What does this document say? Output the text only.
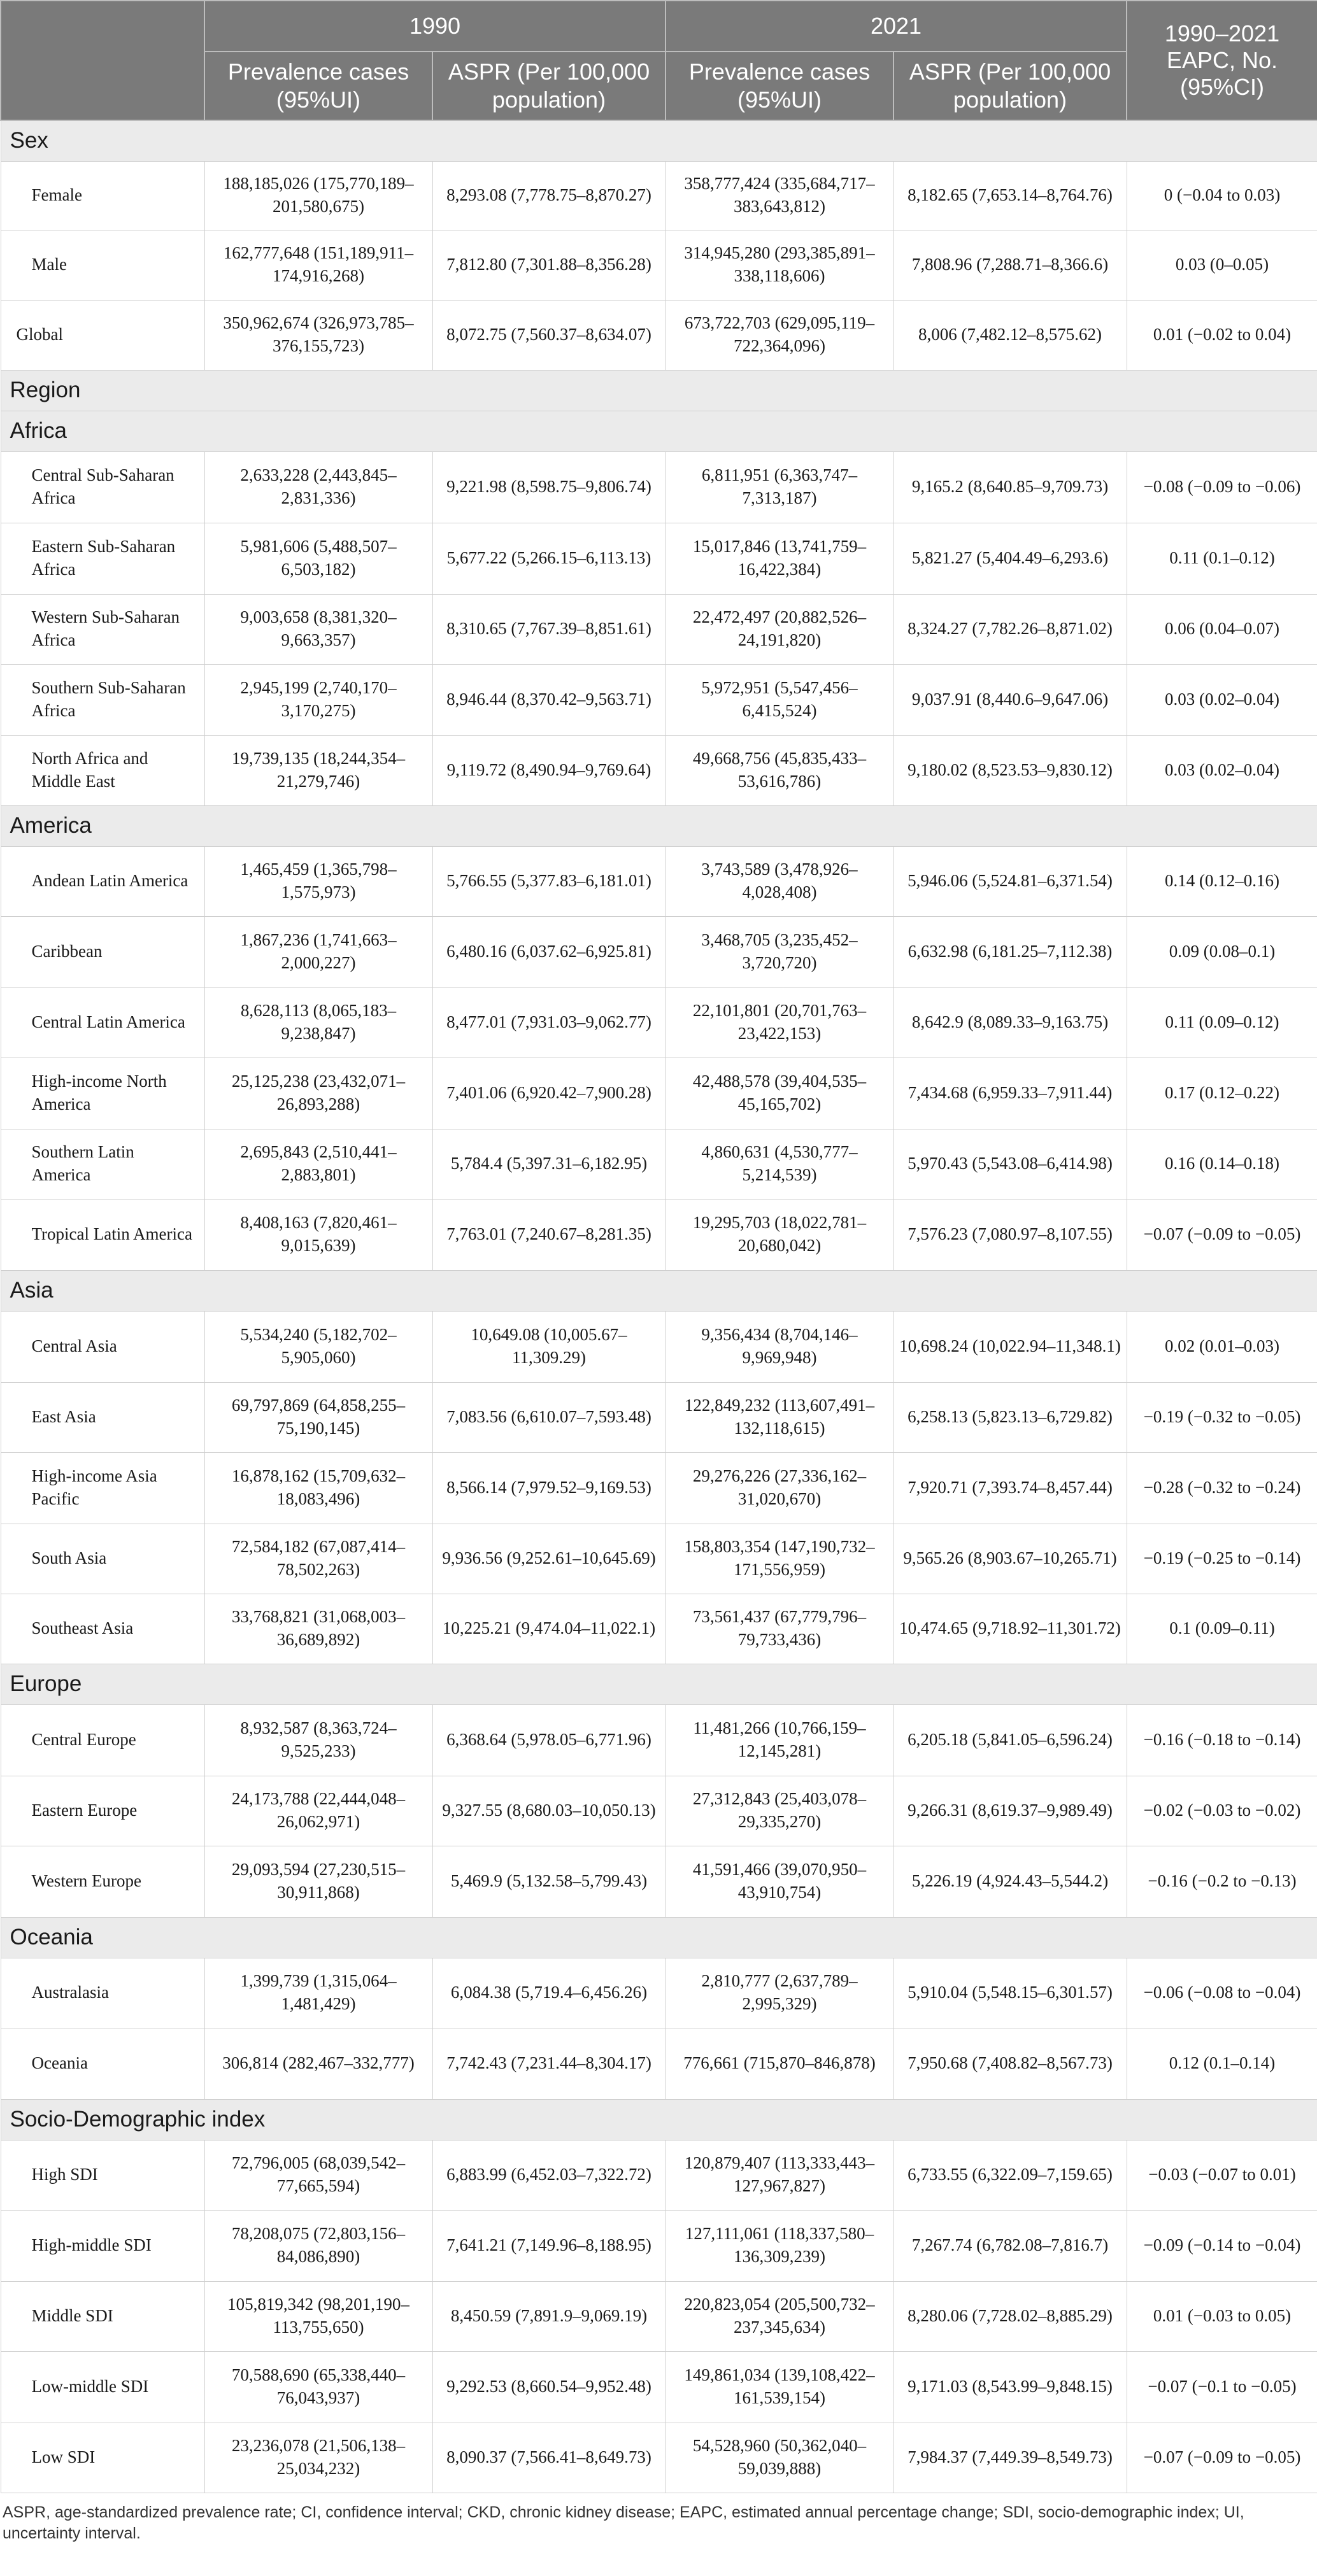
	1990		2021		1990–2021 EAPC, No. (95%CI)
	Prevalence cases (95%UI)	ASPR (Per 100,000 population)	Prevalence cases (95%UI)	ASPR (Per 100,000 population)	
Sex					
Female	188,185,026 (175,770,189–201,580,675)	8,293.08 (7,778.75–8,870.27)	358,777,424 (335,684,717–383,643,812)	8,182.65 (7,653.14–8,764.76)	0 (−0.04 to 0.03)
Male	162,777,648 (151,189,911–174,916,268)	7,812.80 (7,301.88–8,356.28)	314,945,280 (293,385,891–338,118,606)	7,808.96 (7,288.71–8,366.6)	0.03 (0–0.05)
Global	350,962,674 (326,973,785–376,155,723)	8,072.75 (7,560.37–8,634.07)	673,722,703 (629,095,119–722,364,096)	8,006 (7,482.12–8,575.62)	0.01 (−0.02 to 0.04)
Region					
Africa					
Central Sub-Saharan Africa	2,633,228 (2,443,845–2,831,336)	9,221.98 (8,598.75–9,806.74)	6,811,951 (6,363,747–7,313,187)	9,165.2 (8,640.85–9,709.73)	−0.08 (−0.09 to −0.06)
Eastern Sub-Saharan Africa	5,981,606 (5,488,507–6,503,182)	5,677.22 (5,266.15–6,113.13)	15,017,846 (13,741,759–16,422,384)	5,821.27 (5,404.49–6,293.6)	0.11 (0.1–0.12)
Western Sub-Saharan Africa	9,003,658 (8,381,320–9,663,357)	8,310.65 (7,767.39–8,851.61)	22,472,497 (20,882,526–24,191,820)	8,324.27 (7,782.26–8,871.02)	0.06 (0.04–0.07)
Southern Sub-Saharan Africa	2,945,199 (2,740,170–3,170,275)	8,946.44 (8,370.42–9,563.71)	5,972,951 (5,547,456–6,415,524)	9,037.91 (8,440.6–9,647.06)	0.03 (0.02–0.04)
North Africa and Middle East	19,739,135 (18,244,354–21,279,746)	9,119.72 (8,490.94–9,769.64)	49,668,756 (45,835,433–53,616,786)	9,180.02 (8,523.53–9,830.12)	0.03 (0.02–0.04)
America					
Andean Latin America	1,465,459 (1,365,798–1,575,973)	5,766.55 (5,377.83–6,181.01)	3,743,589 (3,478,926–4,028,408)	5,946.06 (5,524.81–6,371.54)	0.14 (0.12–0.16)
Caribbean	1,867,236 (1,741,663–2,000,227)	6,480.16 (6,037.62–6,925.81)	3,468,705 (3,235,452–3,720,720)	6,632.98 (6,181.25–7,112.38)	0.09 (0.08–0.1)
Central Latin America	8,628,113 (8,065,183–9,238,847)	8,477.01 (7,931.03–9,062.77)	22,101,801 (20,701,763–23,422,153)	8,642.9 (8,089.33–9,163.75)	0.11 (0.09–0.12)
High-income North America	25,125,238 (23,432,071–26,893,288)	7,401.06 (6,920.42–7,900.28)	42,488,578 (39,404,535–45,165,702)	7,434.68 (6,959.33–7,911.44)	0.17 (0.12–0.22)
Southern Latin America	2,695,843 (2,510,441–2,883,801)	5,784.4 (5,397.31–6,182.95)	4,860,631 (4,530,777–5,214,539)	5,970.43 (5,543.08–6,414.98)	0.16 (0.14–0.18)
Tropical Latin America	8,408,163 (7,820,461–9,015,639)	7,763.01 (7,240.67–8,281.35)	19,295,703 (18,022,781–20,680,042)	7,576.23 (7,080.97–8,107.55)	−0.07 (−0.09 to −0.05)
Asia					
Central Asia	5,534,240 (5,182,702–5,905,060)	10,649.08 (10,005.67–11,309.29)	9,356,434 (8,704,146–9,969,948)	10,698.24 (10,022.94–11,348.1)	0.02 (0.01–0.03)
East Asia	69,797,869 (64,858,255–75,190,145)	7,083.56 (6,610.07–7,593.48)	122,849,232 (113,607,491–132,118,615)	6,258.13 (5,823.13–6,729.82)	−0.19 (−0.32 to −0.05)
High-income Asia Pacific	16,878,162 (15,709,632–18,083,496)	8,566.14 (7,979.52–9,169.53)	29,276,226 (27,336,162–31,020,670)	7,920.71 (7,393.74–8,457.44)	−0.28 (−0.32 to −0.24)
South Asia	72,584,182 (67,087,414–78,502,263)	9,936.56 (9,252.61–10,645.69)	158,803,354 (147,190,732–171,556,959)	9,565.26 (8,903.67–10,265.71)	−0.19 (−0.25 to −0.14)
Southeast Asia	33,768,821 (31,068,003–36,689,892)	10,225.21 (9,474.04–11,022.1)	73,561,437 (67,779,796–79,733,436)	10,474.65 (9,718.92–11,301.72)	0.1 (0.09–0.11)
Europe					
Central Europe	8,932,587 (8,363,724–9,525,233)	6,368.64 (5,978.05–6,771.96)	11,481,266 (10,766,159–12,145,281)	6,205.18 (5,841.05–6,596.24)	−0.16 (−0.18 to −0.14)
Eastern Europe	24,173,788 (22,444,048–26,062,971)	9,327.55 (8,680.03–10,050.13)	27,312,843 (25,403,078–29,335,270)	9,266.31 (8,619.37–9,989.49)	−0.02 (−0.03 to −0.02)
Western Europe	29,093,594 (27,230,515–30,911,868)	5,469.9 (5,132.58–5,799.43)	41,591,466 (39,070,950–43,910,754)	5,226.19 (4,924.43–5,544.2)	−0.16 (−0.2 to −0.13)
Oceania					
Australasia	1,399,739 (1,315,064–1,481,429)	6,084.38 (5,719.4–6,456.26)	2,810,777 (2,637,789–2,995,329)	5,910.04 (5,548.15–6,301.57)	−0.06 (−0.08 to −0.04)
Oceania	306,814 (282,467–332,777)	7,742.43 (7,231.44–8,304.17)	776,661 (715,870–846,878)	7,950.68 (7,408.82–8,567.73)	0.12 (0.1–0.14)
Socio-Demographic index					
High SDI	72,796,005 (68,039,542–77,665,594)	6,883.99 (6,452.03–7,322.72)	120,879,407 (113,333,443–127,967,827)	6,733.55 (6,322.09–7,159.65)	−0.03 (−0.07 to 0.01)
High-middle SDI	78,208,075 (72,803,156–84,086,890)	7,641.21 (7,149.96–8,188.95)	127,111,061 (118,337,580–136,309,239)	7,267.74 (6,782.08–7,816.7)	−0.09 (−0.14 to −0.04)
Middle SDI	105,819,342 (98,201,190–113,755,650)	8,450.59 (7,891.9–9,069.19)	220,823,054 (205,500,732–237,345,634)	8,280.06 (7,728.02–8,885.29)	0.01 (−0.03 to 0.05)
Low-middle SDI	70,588,690 (65,338,440–76,043,937)	9,292.53 (8,660.54–9,952.48)	149,861,034 (139,108,422–161,539,154)	9,171.03 (8,543.99–9,848.15)	−0.07 (−0.1 to −0.05)
Low SDI	23,236,078 (21,506,138–25,034,232)	8,090.37 (7,566.41–8,649.73)	54,528,960 (50,362,040–59,039,888)	7,984.37 (7,449.39–8,549.73)	−0.07 (−0.09 to −0.05)
ASPR, age-standardized prevalence rate; CI, confidence interval; CKD, chronic kidney disease; EAPC, estimated annual percentage change; SDI, socio-demographic index; UI, uncertainty interval.
